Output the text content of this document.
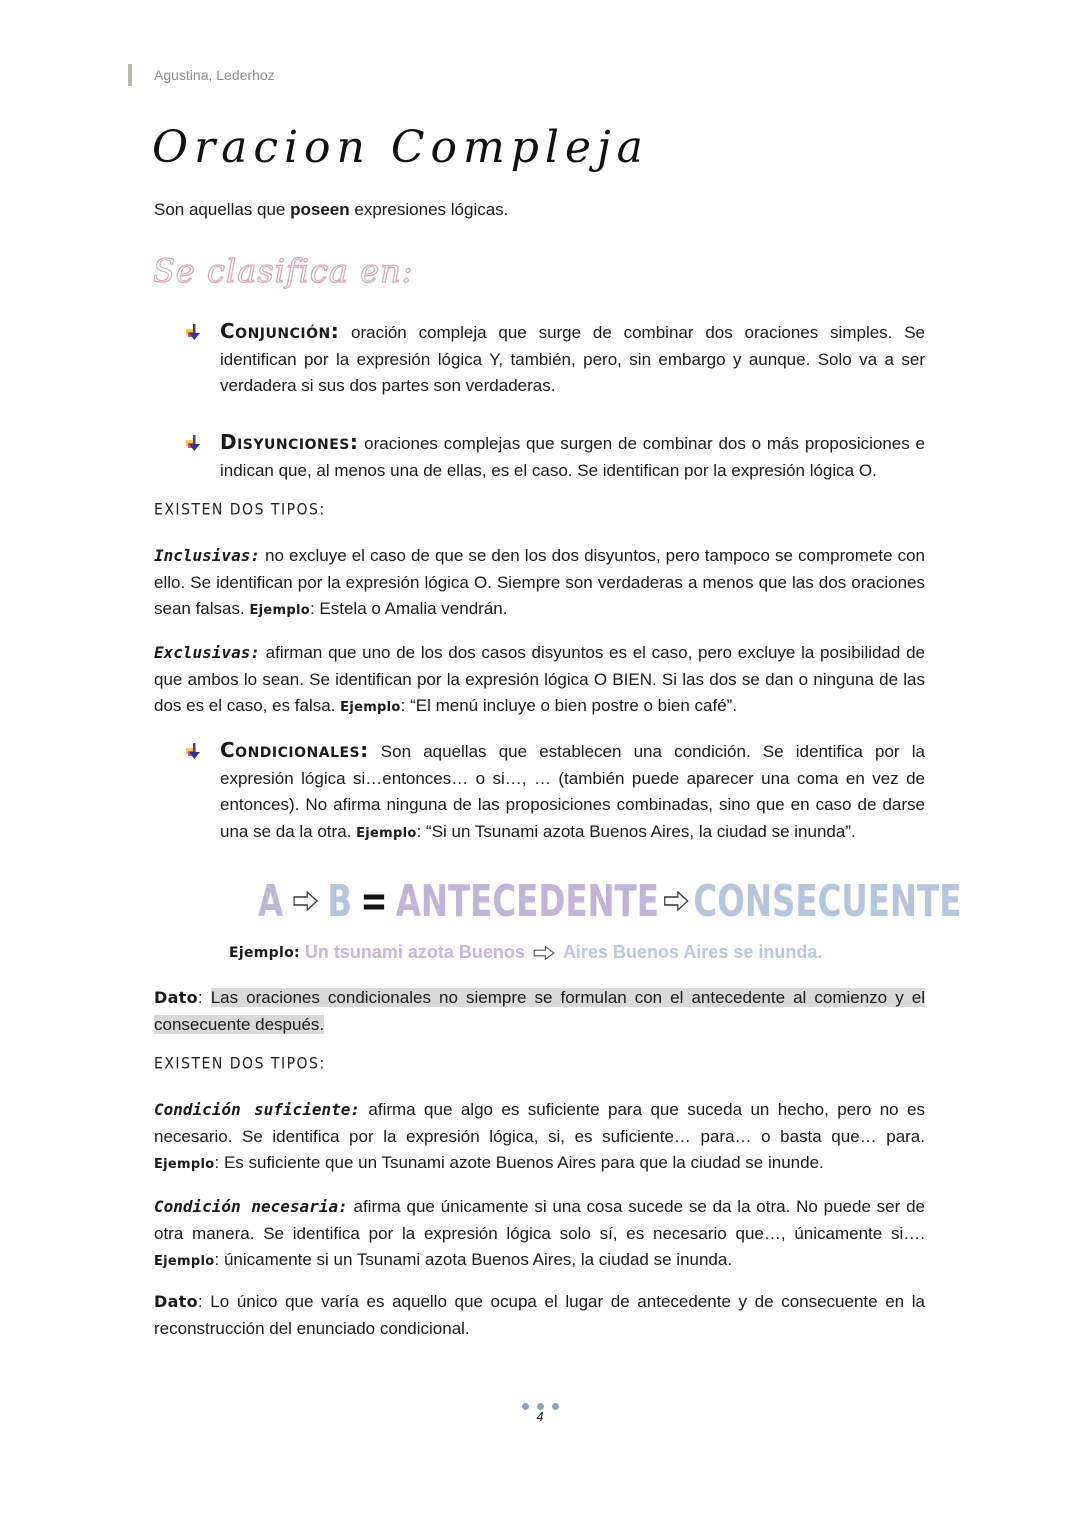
Agustina, Lederhoz
Oracion Compleja
Son aquellas que poseen expresiones lógicas.
Se clasifica en:
Conjunción: oración compleja que surge de combinar dos oraciones simples. Se identifican por la expresión lógica Y, también, pero, sin embargo y aunque. Solo va a ser verdadera si sus dos partes son verdaderas.
Disyunciones: oraciones complejas que surgen de combinar dos o más proposiciones e indican que, al menos una de ellas, es el caso. Se identifican por la expresión lógica O.
EXISTEN DOS TIPOS:
Inclusivas: no excluye el caso de que se den los dos disyuntos, pero tampoco se compromete con ello. Se identifican por la expresión lógica O. Siempre son verdaderas a menos que las dos oraciones sean falsas. Ejemplo: Estela o Amalia vendrán.
Exclusivas: afirman que uno de los dos casos disyuntos es el caso, pero excluye la posibilidad de que ambos lo sean. Se identifican por la expresión lógica O BIEN. Si las dos se dan o ninguna de las dos es el caso, es falsa. Ejemplo: “El menú incluye o bien postre o bien café”.
Condicionales: Son aquellas que establecen una condición. Se identifica por la expresión lógica si…entonces… o si…, … (también puede aparecer una coma en vez de entonces). No afirma ninguna de las proposiciones combinadas, sino que en caso de darse una se da la otra. Ejemplo: “Si un Tsunami azota Buenos Aires, la ciudad se inunda”.
A B = ANTECEDENTE CONSECUENTE
Ejemplo :
Un tsunami azota Buenos Aires Buenos Aires se inunda.
Dato: Las oraciones condicionales no siempre se formulan con el antecedente al comienzo y el consecuente después.
EXISTEN DOS TIPOS:
Condición suficiente: afirma que algo es suficiente para que suceda un hecho, pero no es necesario. Se identifica por la expresión lógica, si, es suficiente… para… o basta que… para. Ejemplo: Es suficiente que un Tsunami azote Buenos Aires para que la ciudad se inunde.
Condición necesaria: afirma que únicamente si una cosa sucede se da la otra. No puede ser de otra manera. Se identifica por la expresión lógica solo sí, es necesario que…, únicamente si…. Ejemplo: únicamente si un Tsunami azota Buenos Aires, la ciudad se inunda.
Dato: Lo único que varía es aquello que ocupa el lugar de antecedente y de consecuente en la reconstrucción del enunciado condicional.
4
